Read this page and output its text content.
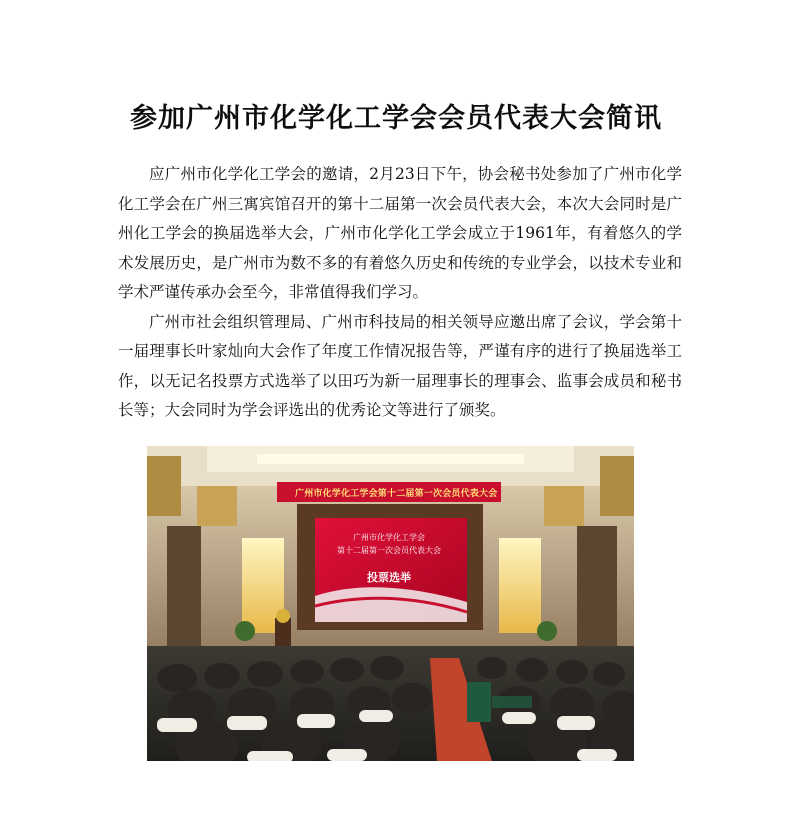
参加广州市化学化工学会会员代表大会简讯

应广州市化学化工学会的邀请，2月23日下午，协会秘书处参加了广州市化学化工学会在广州三寓宾馆召开的第十二届第一次会员代表大会，本次大会同时是广州化工学会的换届选举大会，广州市化学化工学会成立于1961年，有着悠久的学术发展历史，是广州市为数不多的有着悠久历史和传统的专业学会，以技术专业和学术严谨传承办会至今，非常值得我们学习。

广州市社会组织管理局、广州市科技局的相关领导应邀出席了会议，学会第十一届理事长叶家灿向大会作了年度工作情况报告等，严谨有序的进行了换届选举工作，以无记名投票方式选举了以田巧为新一届理事长的理事会、监事会成员和秘书长等；大会同时为学会评选出的优秀论文等进行了颁奖。

广州市化学化工学会第十二届第一次会员代表大会
广州市化学化工学会
第十二届第一次会员代表大会
投票选举
